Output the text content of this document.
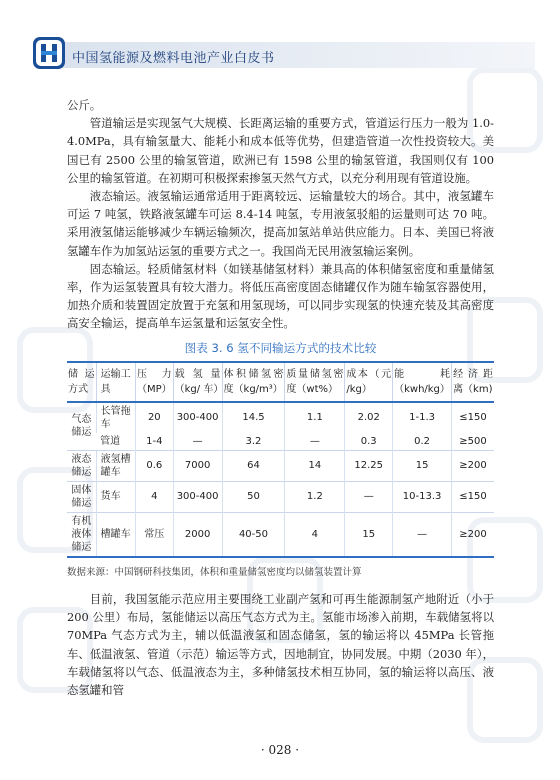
中国氢能源及燃料电池产业白皮书

公斤。

管道输运是实现氢气大规模、长距离运输的重要方式，管道运行压力一般为 1.0-4.0MPa，具有输氢量大、能耗小和成本低等优势，但建造管道一次性投资较大。美国已有 2500 公里的输氢管道，欧洲已有 1598 公里的输氢管道，我国则仅有 100 公里的输氢管道。在初期可积极探索掺氢天然气方式，以充分利用现有管道设施。

液态输运。液氢输运通常适用于距离较远、运输量较大的场合。其中，液氢罐车可运 7 吨氢，铁路液氢罐车可运 8.4-14 吨氢，专用液氢驳船的运量则可达 70 吨。采用液氢储运能够减少车辆运输频次，提高加氢站单站供应能力。日本、美国已将液氢罐车作为加氢站运氢的重要方式之一。我国尚无民用液氢输运案例。

固态输运。轻质储氢材料（如镁基储氢材料）兼具高的体积储氢密度和重量储氢率，作为运氢装置具有较大潜力。将低压高密度固态储罐仅作为随车输氢容器使用，加热介质和装置固定放置于充氢和用氢现场，可以同步实现氢的快速充装及其高密度高安全输运，提高单车运氢量和运氢安全性。

图表 3. 6 氢不同输运方式的技术比较
储运方式	运输工具	压力（MP）	载氢量（kg/ 车）	体积储氢密度（kg/m³）	质量储氢密度（wt%）	成本（元 /kg）	能耗（kwh/kg）	经济距离（km)
气态储运	长管拖车	20	300-400	14.5	1.1	2.02	1-1.3	≤150
	管道	1-4	—	3.2	—	0.3	0.2	≥500
液态储运	液氢槽罐车	0.6	7000	64	14	12.25	15	≥200
固体储运	货车	4	300-400	50	1.2	—	10-13.3	≤150
有机液体储运	槽罐车	常压	2000	40-50	4	15	—	≥200
数据来源：中国钢研科技集团，体积和重量储氢密度均以储氢装置计算

目前，我国氢能示范应用主要围绕工业副产氢和可再生能源制氢产地附近（小于 200 公里）布局，氢能储运以高压气态方式为主。氢能市场渗入前期，车载储氢将以 70MPa 气态方式为主，辅以低温液氢和固态储氢，氢的输运将以 45MPa 长管拖车、低温液氢、管道（示范）输运等方式，因地制宜，协同发展。中期（2030 年），车载储氢将以气态、低温液态为主，多种储氢技术相互协同，氢的输运将以高压、液态氢罐和管

· 028 ·
